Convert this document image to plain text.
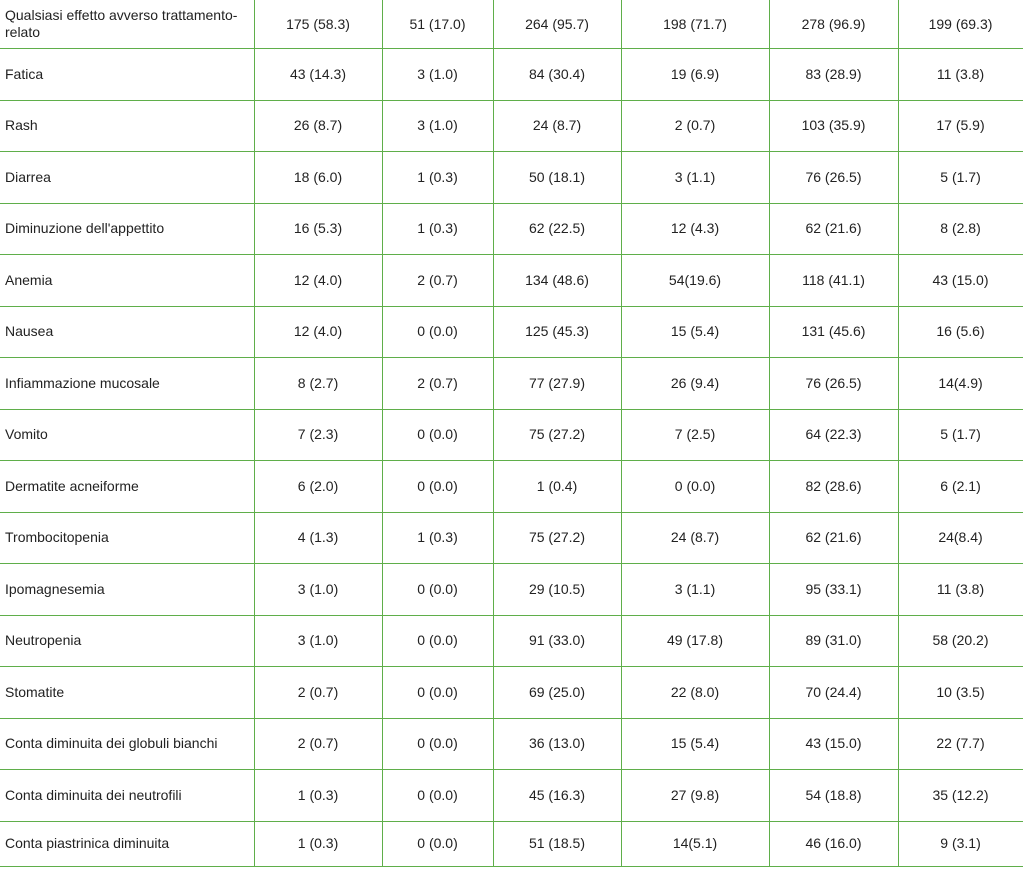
Qualsiasi effetto avverso trattamento-relato	175 (58.3)	51 (17.0)	264 (95.7)	198 (71.7)	278 (96.9)	199 (69.3)
Fatica	43 (14.3)	3 (1.0)	84 (30.4)	19 (6.9)	83 (28.9)	11 (3.8)
Rash	26 (8.7)	3 (1.0)	24 (8.7)	2 (0.7)	103 (35.9)	17 (5.9)
Diarrea	18 (6.0)	1 (0.3)	50 (18.1)	3 (1.1)	76 (26.5)	5 (1.7)
Diminuzione dell'appettito	16 (5.3)	1 (0.3)	62 (22.5)	12 (4.3)	62 (21.6)	8 (2.8)
Anemia	12 (4.0)	2 (0.7)	134 (48.6)	54(19.6)	118 (41.1)	43 (15.0)
Nausea	12 (4.0)	0 (0.0)	125 (45.3)	15 (5.4)	131 (45.6)	16 (5.6)
Infiammazione mucosale	8 (2.7)	2 (0.7)	77 (27.9)	26 (9.4)	76 (26.5)	14(4.9)
Vomito	7 (2.3)	0 (0.0)	75 (27.2)	7 (2.5)	64 (22.3)	5 (1.7)
Dermatite acneiforme	6 (2.0)	0 (0.0)	1 (0.4)	0 (0.0)	82 (28.6)	6 (2.1)
Trombocitopenia	4 (1.3)	1 (0.3)	75 (27.2)	24 (8.7)	62 (21.6)	24(8.4)
Ipomagnesemia	3 (1.0)	0 (0.0)	29 (10.5)	3 (1.1)	95 (33.1)	11 (3.8)
Neutropenia	3 (1.0)	0 (0.0)	91 (33.0)	49 (17.8)	89 (31.0)	58 (20.2)
Stomatite	2 (0.7)	0 (0.0)	69 (25.0)	22 (8.0)	70 (24.4)	10 (3.5)
Conta diminuita dei globuli bianchi	2 (0.7)	0 (0.0)	36 (13.0)	15 (5.4)	43 (15.0)	22 (7.7)
Conta diminuita dei neutrofili	1 (0.3)	0 (0.0)	45 (16.3)	27 (9.8)	54 (18.8)	35 (12.2)
Conta piastrinica diminuita	1 (0.3)	0 (0.0)	51 (18.5)	14(5.1)	46 (16.0)	9 (3.1)
